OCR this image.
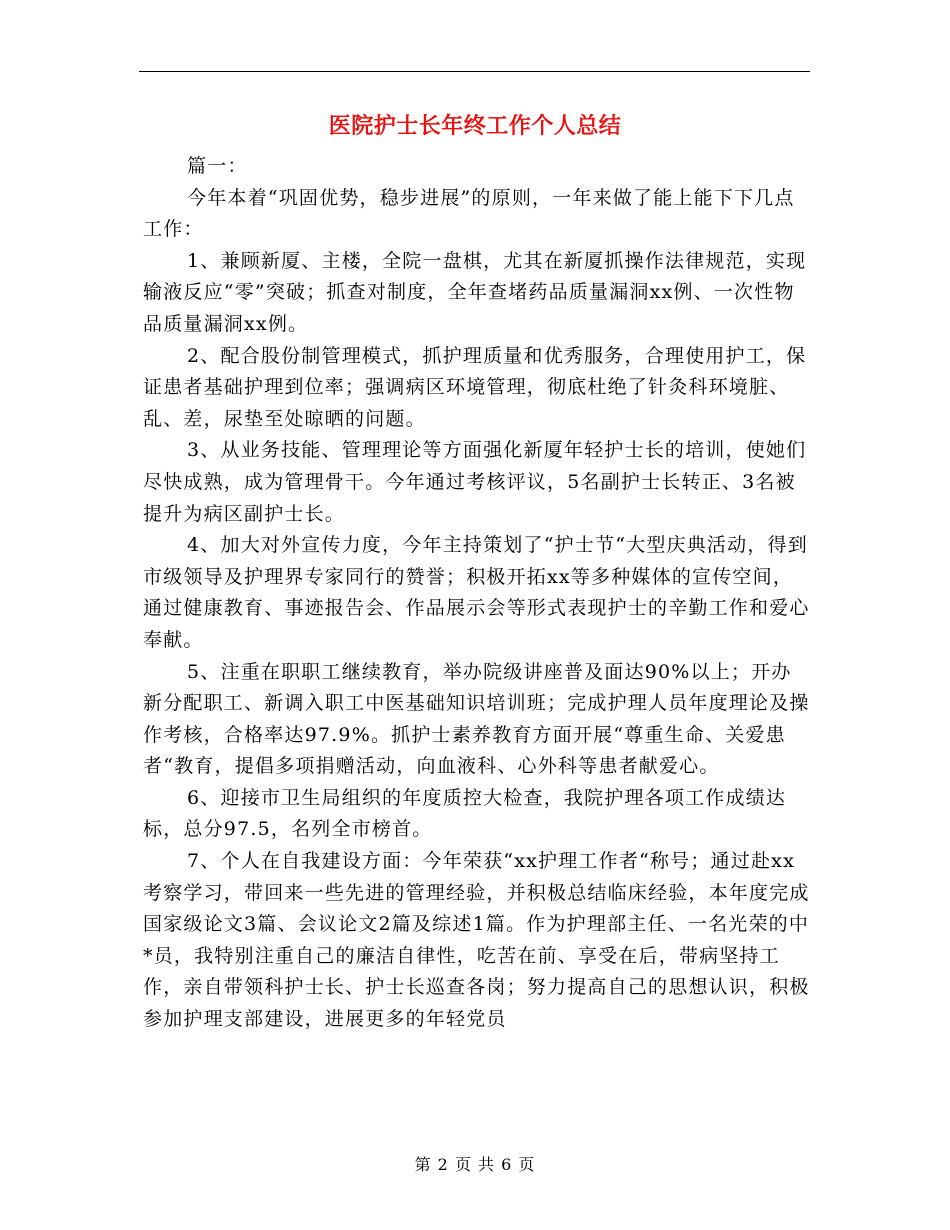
医院护士长年终工作个人总结

篇一：

今年本着“巩固优势，稳步进展”的原则，一年来做了能上能下下几点工作：

1、兼顾新厦、主楼，全院一盘棋，尤其在新厦抓操作法律规范，实现输液反应“零”突破；抓查对制度，全年查堵药品质量漏洞xx例、一次性物品质量漏洞xx例。

2、配合股份制管理模式，抓护理质量和优秀服务，合理使用护工，保证患者基础护理到位率；强调病区环境管理，彻底杜绝了针灸科环境脏、乱、差，尿垫至处晾晒的问题。

3、从业务技能、管理理论等方面强化新厦年轻护士长的培训，使她们尽快成熟，成为管理骨干。今年通过考核评议，5名副护士长转正、3名被提升为病区副护士长。

4、加大对外宣传力度，今年主持策划了“护士节“大型庆典活动，得到市级领导及护理界专家同行的赞誉；积极开拓xx等多种媒体的宣传空间，通过健康教育、事迹报告会、作品展示会等形式表现护士的辛勤工作和爱心奉献。

5、注重在职职工继续教育，举办院级讲座普及面达90%以上；开办新分配职工、新调入职工中医基础知识培训班；完成护理人员年度理论及操作考核，合格率达97.9%。抓护士素养教育方面开展“尊重生命、关爱患者“教育，提倡多项捐赠活动，向血液科、心外科等患者献爱心。

6、迎接市卫生局组织的年度质控大检查，我院护理各项工作成绩达标，总分97.5，名列全市榜首。

7、个人在自我建设方面：今年荣获“xx护理工作者“称号；通过赴xx考察学习，带回来一些先进的管理经验，并积极总结临床经验，本年度完成国家级论文3篇、会议论文2篇及综述1篇。作为护理部主任、一名光荣的中*员，我特别注重自己的廉洁自律性，吃苦在前、享受在后，带病坚持工作，亲自带领科护士长、护士长巡查各岗；努力提高自己的思想认识，积极参加护理支部建设，进展更多的年轻党员

第 2 页 共 6 页
